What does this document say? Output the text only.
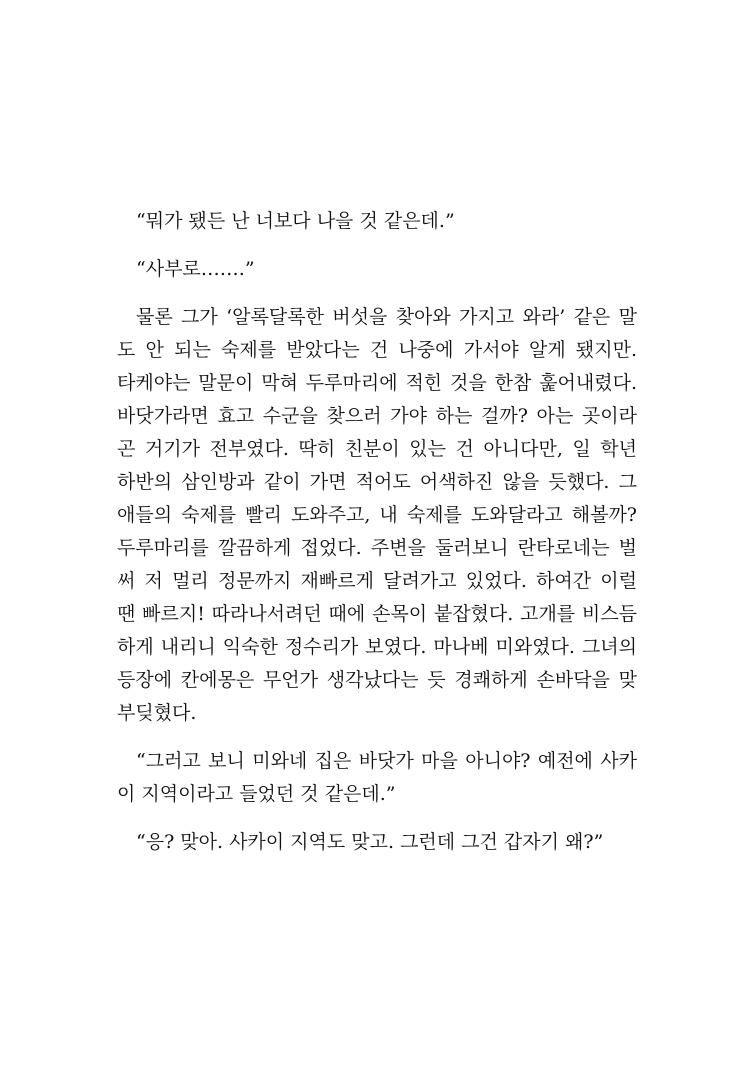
“뭐가 됐든 난 너보다 나을 것 같은데.”
“사부로…….”
물론 그가 ‘알록달록한 버섯을 찾아와 가지고 와라’ 같은 말
도 안 되는 숙제를 받았다는 건 나중에 가서야 알게 됐지만.
타케야는 말문이 막혀 두루마리에 적힌 것을 한참 훑어내렸다.
바닷가라면 효고 수군을 찾으러 가야 하는 걸까? 아는 곳이라
곤 거기가 전부였다. 딱히 친분이 있는 건 아니다만, 일 학년
하반의 삼인방과 같이 가면 적어도 어색하진 않을 듯했다. 그
애들의 숙제를 빨리 도와주고, 내 숙제를 도와달라고 해볼까?
두루마리를 깔끔하게 접었다. 주변을 둘러보니 란타로네는 벌
써 저 멀리 정문까지 재빠르게 달려가고 있었다. 하여간 이럴
땐 빠르지! 따라나서려던 때에 손목이 붙잡혔다. 고개를 비스듬
하게 내리니 익숙한 정수리가 보였다. 마나베 미와였다. 그녀의
등장에 칸에몽은 무언가 생각났다는 듯 경쾌하게 손바닥을 맞
부딪혔다.
“그러고 보니 미와네 집은 바닷가 마을 아니야? 예전에 사카
이 지역이라고 들었던 것 같은데.”
“응? 맞아. 사카이 지역도 맞고. 그런데 그건 갑자기 왜?”
